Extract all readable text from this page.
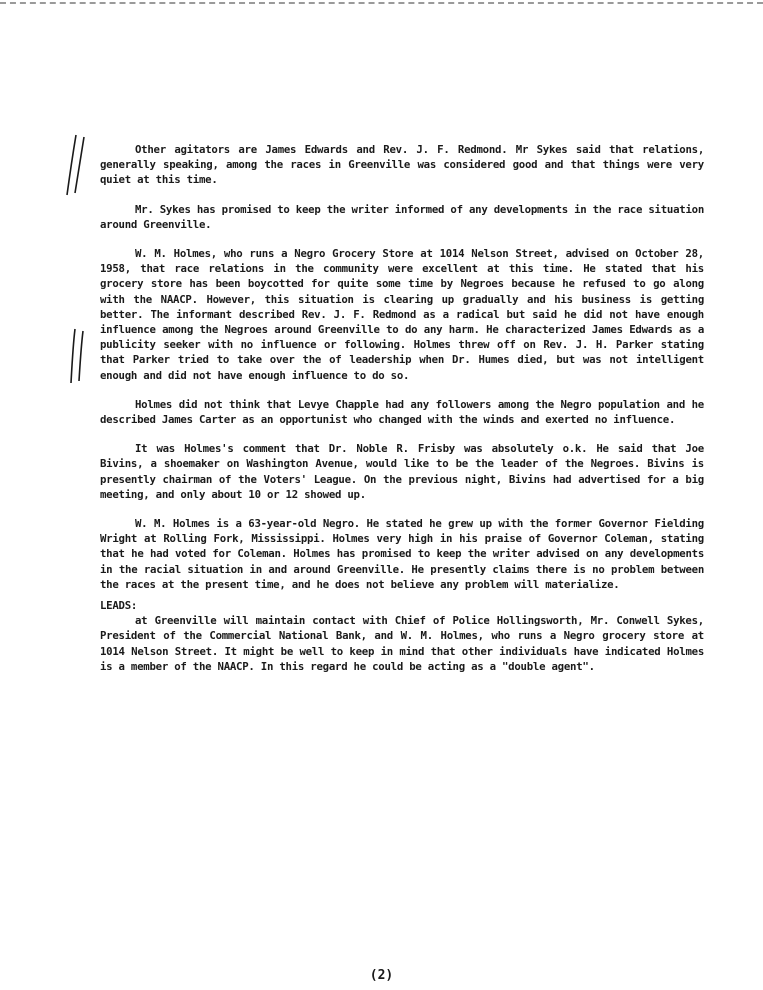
Other agitators are James Edwards and Rev. J. F. Redmond. Mr Sykes said that relations, generally speaking, among the races in Greenville was considered good and that things were very quiet at this time.

Mr. Sykes has promised to keep the writer informed of any developments in the race situation around Greenville.

W. M. Holmes, who runs a Negro Grocery Store at 1014 Nelson Street, advised on October 28, 1958, that race relations in the community were excellent at this time. He stated that his grocery store has been boycotted for quite some time by Negroes because he refused to go along with the NAACP. However, this situation is clearing up gradually and his business is getting better. The informant described Rev. J. F. Redmond as a radical but said he did not have enough influence among the Negroes around Greenville to do any harm. He characterized James Edwards as a publicity seeker with no influence or following. Holmes threw off on Rev. J. H. Parker stating that Parker tried to take over the of leadership when Dr. Humes died, but was not intelligent enough and did not have enough influence to do so.

Holmes did not think that Levye Chapple had any followers among the Negro population and he described James Carter as an opportunist who changed with the winds and exerted no influence.

It was Holmes's comment that Dr. Noble R. Frisby was absolutely o.k. He said that Joe Bivins, a shoemaker on Washington Avenue, would like to be the leader of the Negroes. Bivins is presently chairman of the Voters' League. On the previous night, Bivins had advertised for a big meeting, and only about 10 or 12 showed up.

W. M. Holmes is a 63-year-old Negro. He stated he grew up with the former Governor Fielding Wright at Rolling Fork, Mississippi. Holmes very high in his praise of Governor Coleman, stating that he had voted for Coleman. Holmes has promised to keep the writer advised on any developments in the racial situation in and around Greenville. He presently claims there is no problem between the races at the present time, and he does not believe any problem will materialize.

LEADS:

at Greenville will maintain contact with Chief of Police Hollingsworth, Mr. Conwell Sykes, President of the Commercial National Bank, and W. M. Holmes, who runs a Negro grocery store at 1014 Nelson Street. It might be well to keep in mind that other individuals have indicated Holmes is a member of the NAACP. In this regard he could be acting as a "double agent".

(2)
